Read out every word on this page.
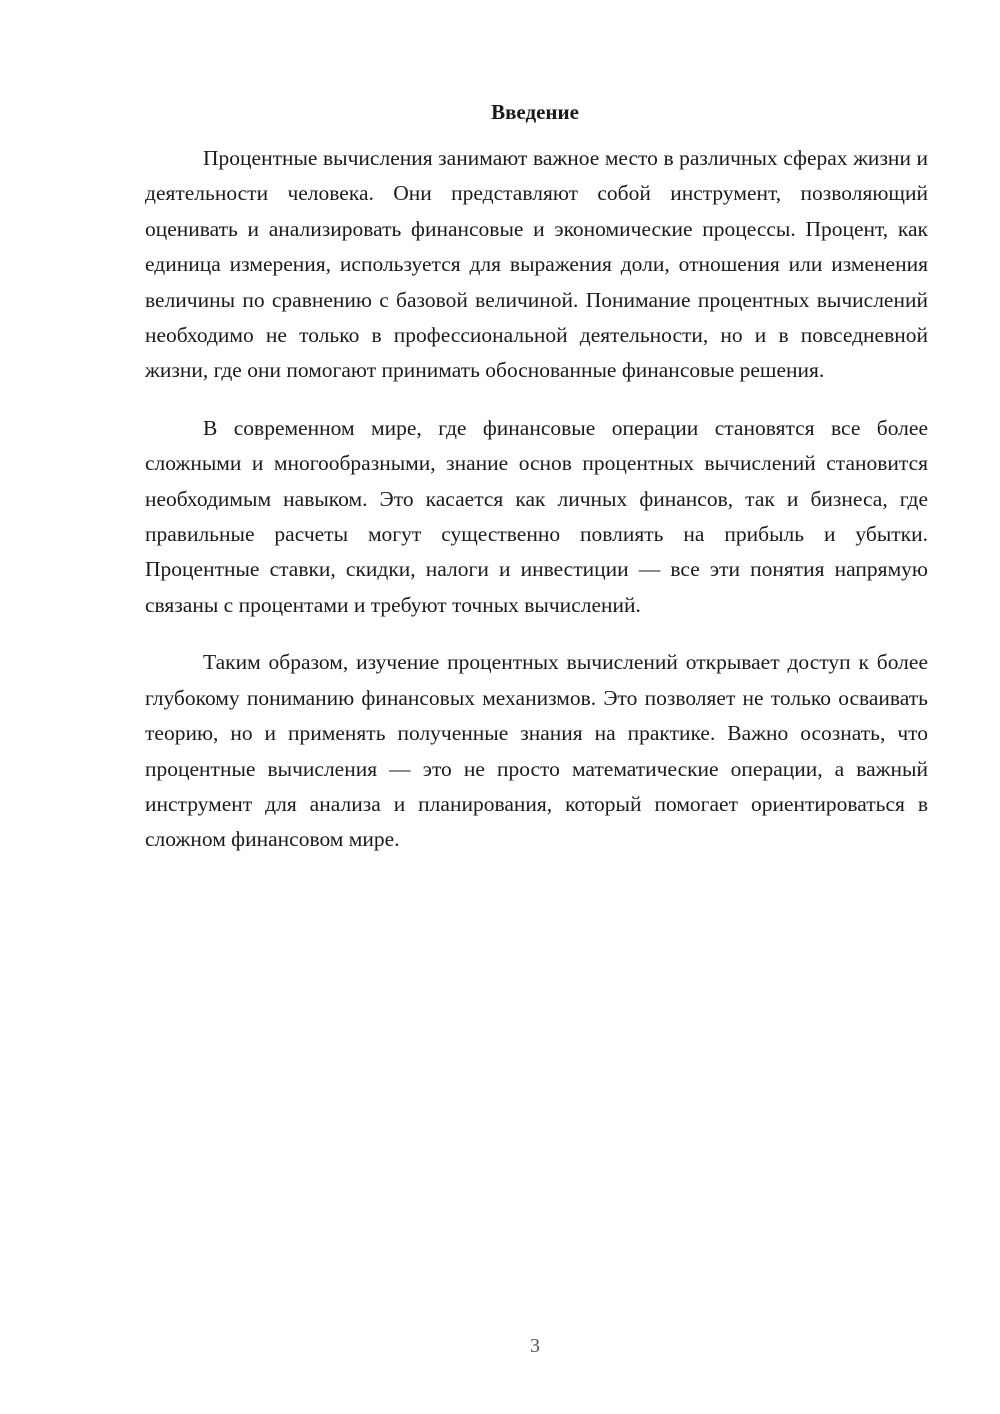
Введение

Процентные вычисления занимают важное место в различных сферах жизни и деятельности человека. Они представляют собой инструмент, позволяющий оценивать и анализировать финансовые и экономические процессы. Процент, как единица измерения, используется для выражения доли, отношения или изменения величины по сравнению с базовой величиной. Понимание процентных вычислений необходимо не только в профессиональной деятельности, но и в повседневной жизни, где они помогают принимать обоснованные финансовые решения.

В современном мире, где финансовые операции становятся все более сложными и многообразными, знание основ процентных вычислений становится необходимым навыком. Это касается как личных финансов, так и бизнеса, где правильные расчеты могут существенно повлиять на прибыль и убытки. Процентные ставки, скидки, налоги и инвестиции — все эти понятия напрямую связаны с процентами и требуют точных вычислений.

Таким образом, изучение процентных вычислений открывает доступ к более глубокому пониманию финансовых механизмов. Это позволяет не только осваивать теорию, но и применять полученные знания на практике. Важно осознать, что процентные вычисления — это не просто математические операции, а важный инструмент для анализа и планирования, который помогает ориентироваться в сложном финансовом мире.

3
